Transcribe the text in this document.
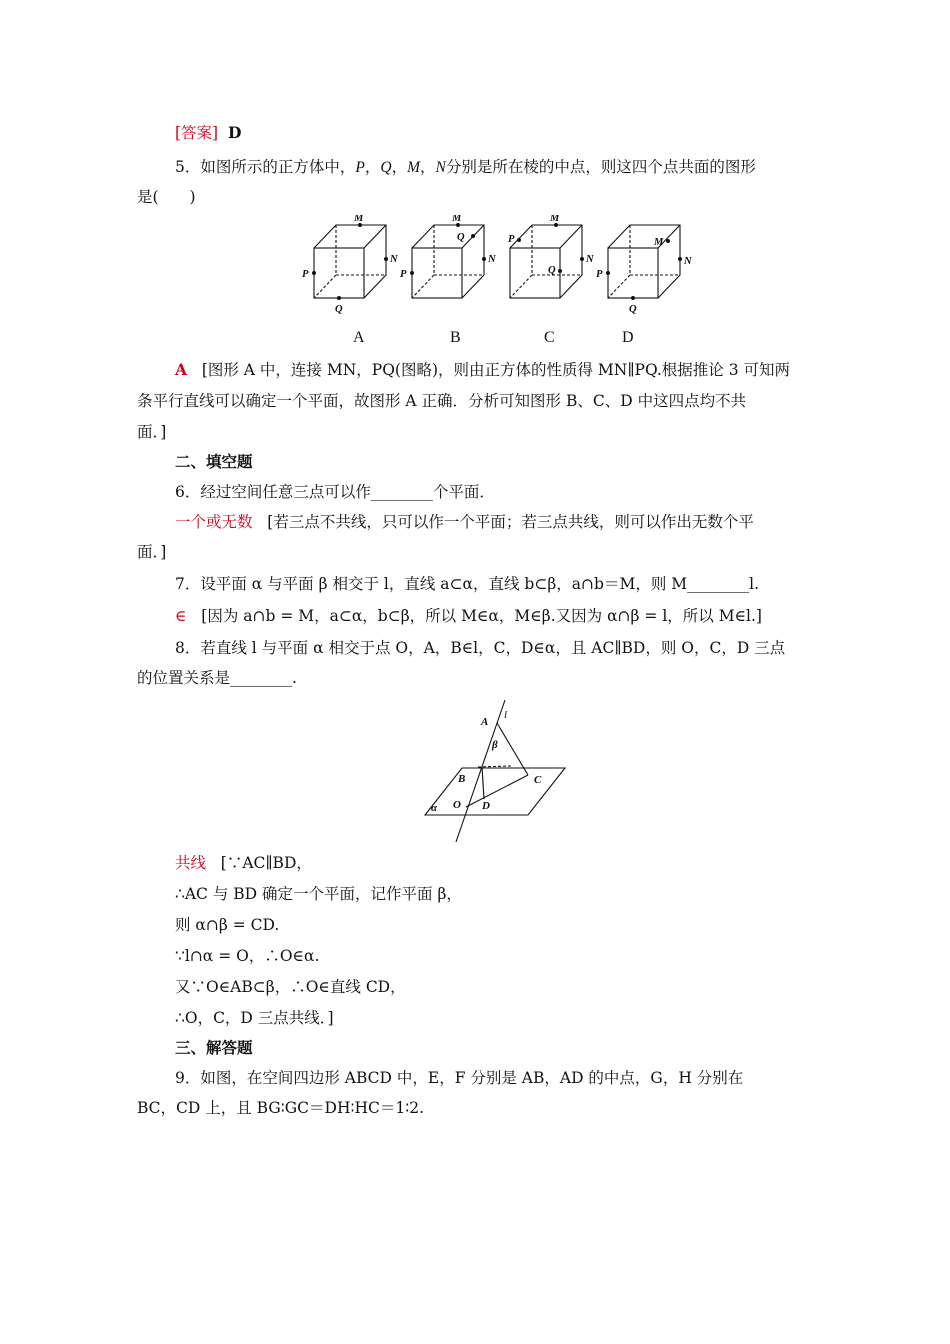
[答案] D
5．如图所示的正方体中，P，Q，M，N分别是所在棱的中点，则这四个点共面的图形
是(　　)
M
N
P
Q
M
Q
N
P
P
M
N
Q
M
N
P
Q
A	B	C	D
A [图形 A 中，连接 MN，PQ(图略)，则由正方体的性质得 MN∥PQ.根据推论 3 可知两
条平行直线可以确定一个平面，故图形 A 正确．分析可知图形 B、C、D 中这四点均不共
面．]
二、填空题
6．经过空间任意三点可以作________个平面．
一个或无数 [若三点不共线，只可以作一个平面；若三点共线，则可以作出无数个平
面．]
7．设平面 α 与平面 β 相交于 l，直线 a⊂α，直线 b⊂β，a∩b＝M，则 M________l.
∈ [因为 a∩b = M，a⊂α，b⊂β，所以 M∈α，M∈β.又因为 α∩β = l，所以 M∈l.]
8．若直线 l 与平面 α 相交于点 O，A，B∈l，C，D∈α，且 AC∥BD，则 O，C，D 三点
的位置关系是________.
A
l
β
B	C
α O D
共线 [∵AC∥BD，
∴AC 与 BD 确定一个平面，记作平面 β，
则 α∩β = CD.
∵l∩α = O，∴O∈α.
又∵O∈AB⊂β，∴O∈直线 CD，
∴O，C，D 三点共线．]
三、解答题
9．如图，在空间四边形 ABCD 中，E，F 分别是 AB，AD 的中点，G，H 分别在
BC，CD 上，且 BG∶GC＝DH∶HC＝1∶2.
